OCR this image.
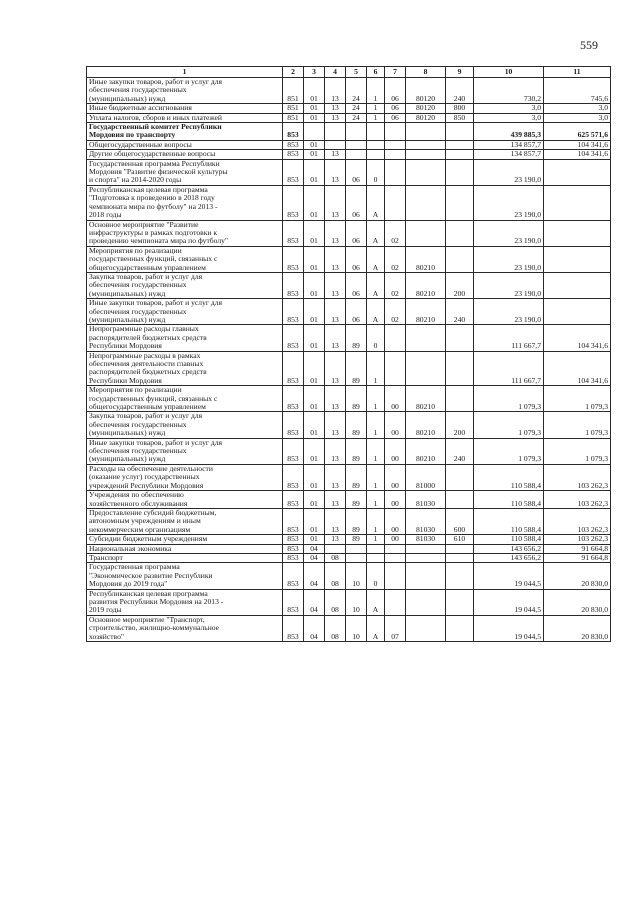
559
1	2	3	4	5	6	7	8	9	10	11
Иные закупки товаров, работ и услуг для
обеспечения государственных
(муниципальных) нужд	851	01	13	24	1	06	80120	240	730,2	745,6
Иные бюджетные ассигнования	851	01	13	24	1	06	80120	800	3,0	3,0
Уплата налогов, сборов и иных платежей	851	01	13	24	1	06	80120	850	3,0	3,0
Государственный комитет Республики
Мордовия по транспорту	853								439 885,3	625 571,6
Общегосударственные вопросы	853	01							134 857,7	104 341,6
Другие общегосударственные вопросы	853	01	13						134 857,7	104 341,6
Государственная программа Республики
Мордовия "Развитие физической культуры
и спорта" на 2014-2020 годы	853	01	13	06	0				23 190,0	
Республиканская целевая программа
"Подготовка к проведению в 2018 году
чемпионата мира по футболу" на 2013 -
2018 годы	853	01	13	06	А				23 190,0	
Основное мероприятие "Развитие
инфраструктуры в рамках подготовки к
проведению чемпионата мира по футболу"	853	01	13	06	А	02			23 190,0	
Мероприятия по реализации
государственных функций, связанных с
общегосударственным управлением	853	01	13	06	А	02	80210		23 190,0	
Закупка товаров, работ и услуг для
обеспечения государственных
(муниципальных) нужд	853	01	13	06	А	02	80210	200	23 190,0	
Иные закупки товаров, работ и услуг для
обеспечения государственных
(муниципальных) нужд	853	01	13	06	А	02	80210	240	23 190,0	
Непрограммные расходы главных
распорядителей бюджетных средств
Республики Мордовия	853	01	13	89	0				111 667,7	104 341,6
Непрограммные расходы в рамках
обеспечения деятельности главных
распорядителей бюджетных средств
Республики Мордовия	853	01	13	89	1				111 667,7	104 341,6
Мероприятия по реализации
государственных функций, связанных с
общегосударственным управлением	853	01	13	89	1	00	80210		1 079,3	1 079,3
Закупка товаров, работ и услуг для
обеспечения государственных
(муниципальных) нужд	853	01	13	89	1	00	80210	200	1 079,3	1 079,3
Иные закупки товаров, работ и услуг для
обеспечения государственных
(муниципальных) нужд	853	01	13	89	1	00	80210	240	1 079,3	1 079,3
Расходы на обеспечение деятельности
(оказание услуг) государственных
учреждений Республики Мордовия	853	01	13	89	1	00	81000		110 588,4	103 262,3
Учреждения по обеспечению
хозяйственного обслуживания	853	01	13	89	1	00	81030		110 588,4	103 262,3
Предоставление субсидий бюджетным,
автономным учреждениям и иным
некоммерческим организациям	853	01	13	89	1	00	81030	600	110 588,4	103 262,3
Субсидии бюджетным учреждениям	853	01	13	89	1	00	81030	610	110 588,4	103 262,3
Национальная экономика	853	04							143 656,2	91 664,8
Транспорт	853	04	08						143 656,2	91 664,8
Государственная программа
"Экономическое развитие Республики
Мордовия до 2019 года"	853	04	08	10	0				19 044,5	20 830,0
Республиканская целевая программа
развития Республики Мордовия на 2013 -
2019 годы	853	04	08	10	А				19 044,5	20 830,0
Основное мероприятие "Транспорт,
строительство, жилищно-коммунальное
хозяйство"	853	04	08	10	А	07			19 044,5	20 830,0
